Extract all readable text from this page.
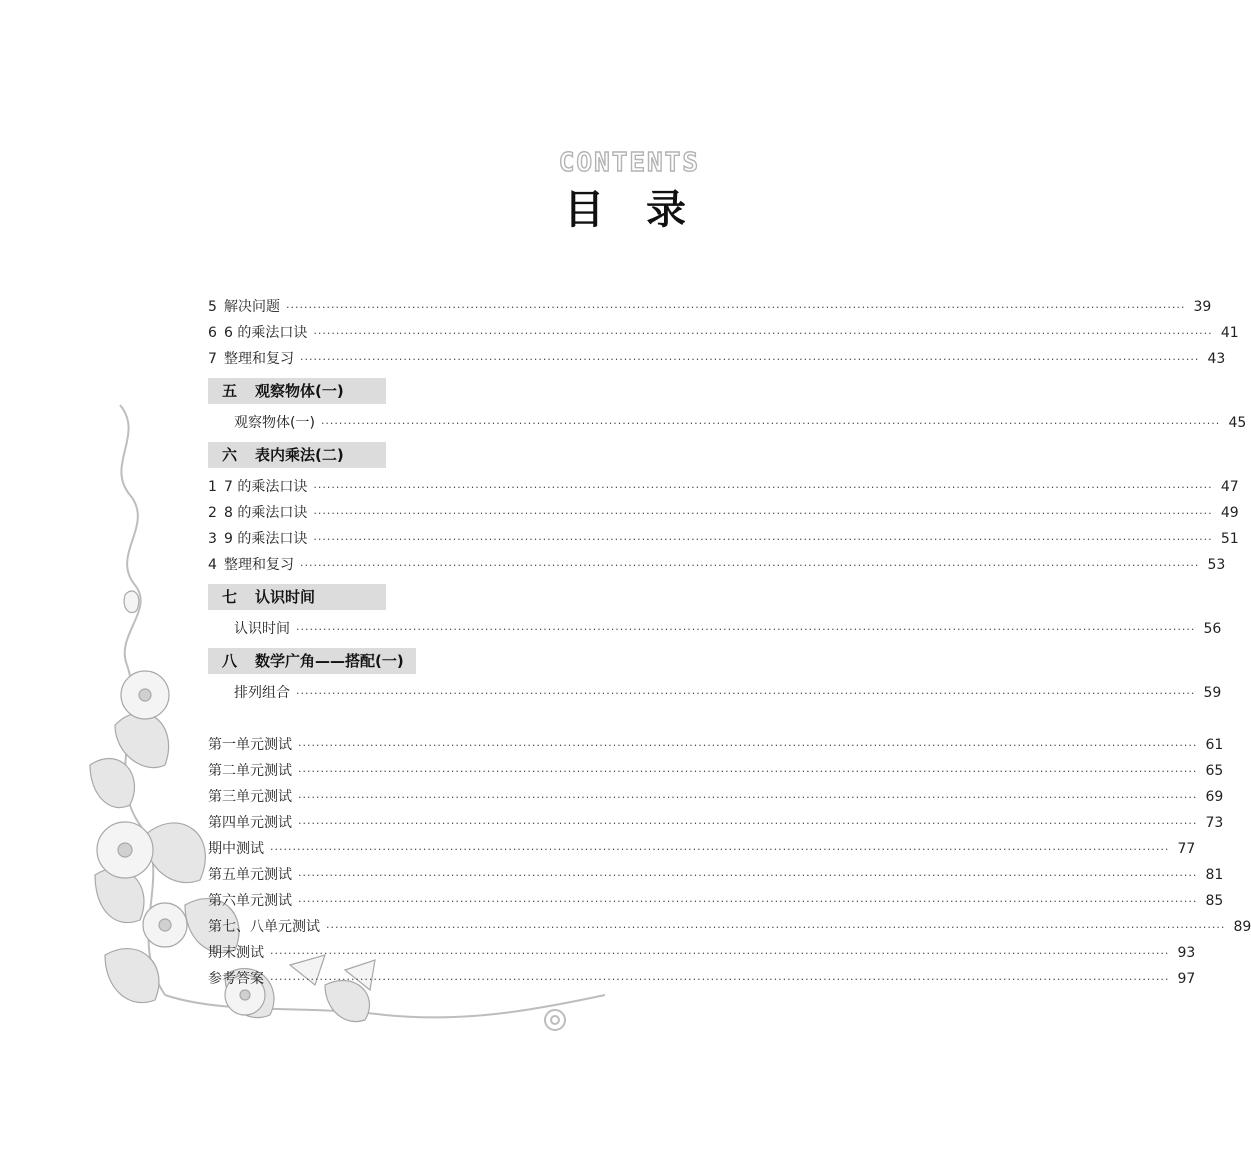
CONTENTS
目 录
5 解决问题 ········································································································································································································ 39
6 6 的乘法口诀 ········································································································································································································ 41
7 整理和复习 ········································································································································································································ 43
五 观察物体(一)
观察物体(一) ········································································································································································································ 45
六 表内乘法(二)
1 7 的乘法口诀 ········································································································································································································ 47
2 8 的乘法口诀 ········································································································································································································ 49
3 9 的乘法口诀 ········································································································································································································ 51
4 整理和复习 ········································································································································································································ 53
七 认识时间
认识时间 ········································································································································································································ 56
八 数学广角——搭配(一)
排列组合 ········································································································································································································ 59
第一单元测试 ········································································································································································································ 61
第二单元测试 ········································································································································································································ 65
第三单元测试 ········································································································································································································ 69
第四单元测试 ········································································································································································································ 73
期中测试 ········································································································································································································ 77
第五单元测试 ········································································································································································································ 81
第六单元测试 ········································································································································································································ 85
第七、八单元测试 ········································································································································································································ 89
期末测试 ········································································································································································································ 93
参考答案 ········································································································································································································ 97
